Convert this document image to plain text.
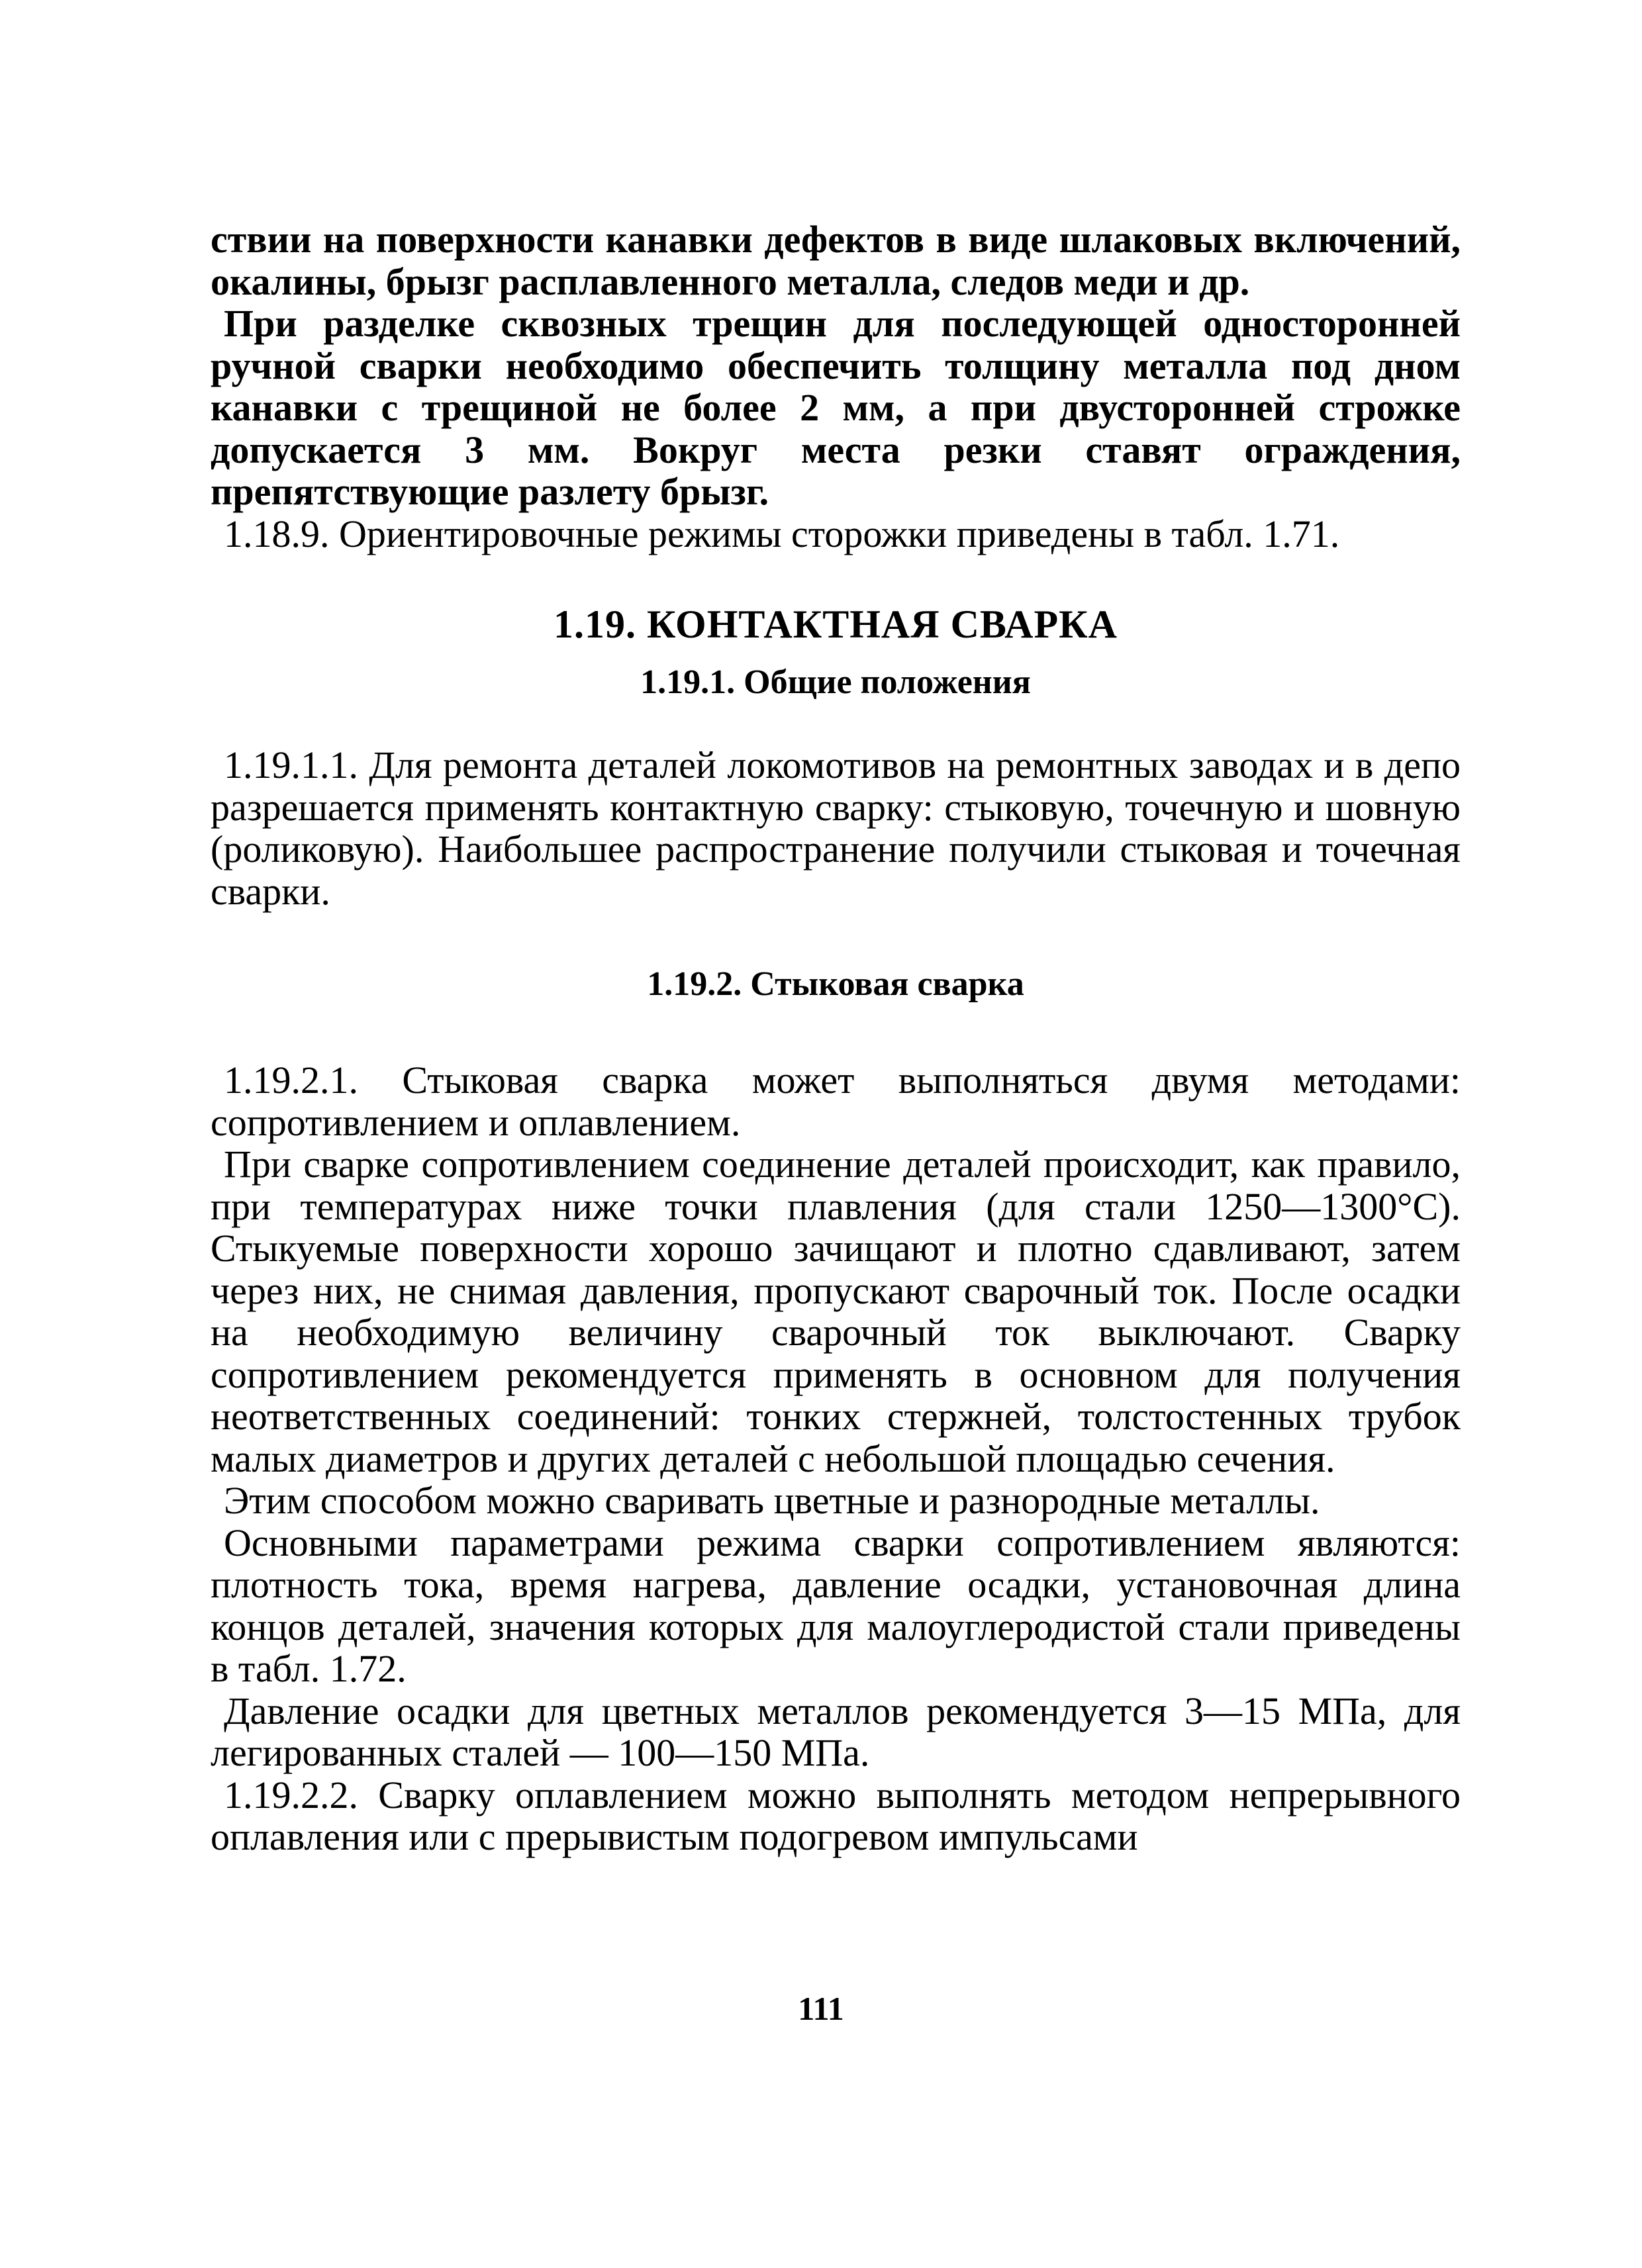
ствии на поверхности канавки дефектов в виде шлаковых включений, окалины, брызг расплавленного металла, следов меди и др.

При разделке сквозных трещин для последующей односторонней ручной сварки необходимо обеспечить толщину металла под дном канавки с трещиной не более 2 мм, а при двусторонней строжке допускается 3 мм. Вокруг места резки ставят ограждения, препятствующие разлету брызг.

1.18.9. Ориентировочные режимы сторожки приведены в табл. 1.71.

1.19. КОНТАКТНАЯ СВАРКА
1.19.1. Общие положения

1.19.1.1. Для ремонта деталей локомотивов на ремонтных заводах и в депо разрешается применять контактную сварку: стыковую, точечную и шовную (роликовую). Наибольшее распространение получили стыковая и точечная сварки.

1.19.2. Стыковая сварка

1.19.2.1. Стыковая сварка может выполняться двумя методами: сопротивлением и оплавлением.

При сварке сопротивлением соединение деталей происходит, как правило, при температурах ниже точки плавления (для стали 1250—1300°С). Стыкуемые поверхности хорошо зачищают и плотно сдавливают, затем через них, не снимая давления, пропускают сварочный ток. После осадки на необходимую величину сварочный ток выключают. Сварку сопротивлением рекомендуется применять в основном для получения неответственных соединений: тонких стержней, толстостенных трубок малых диаметров и других деталей с небольшой площадью сечения.

Этим способом можно сваривать цветные и разнородные металлы.

Основными параметрами режима сварки сопротивлением являются: плотность тока, время нагрева, давление осадки, установочная длина концов деталей, значения которых для малоуглеродистой стали приведены в табл. 1.72.

Давление осадки для цветных металлов рекомендуется 3—15 МПа, для легированных сталей — 100—150 МПа.

1.19.2.2. Сварку оплавлением можно выполнять методом непрерывного оплавления или с прерывистым подогревом импульсами

111
